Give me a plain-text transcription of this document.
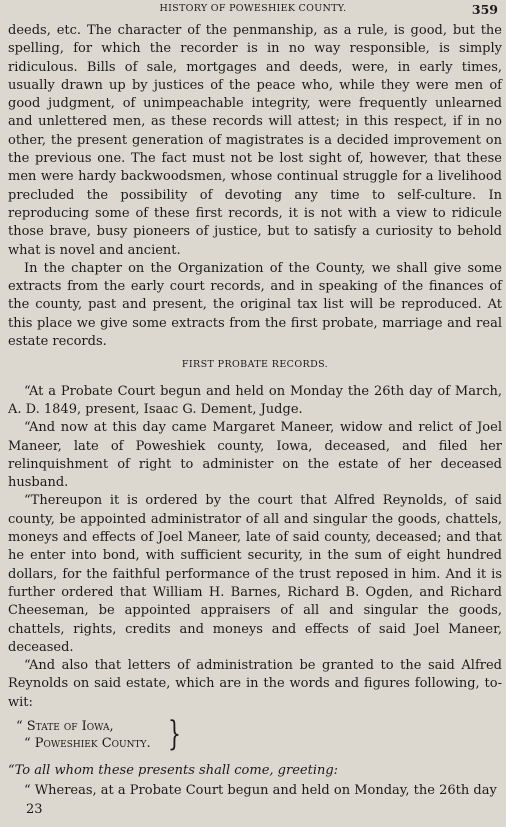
HISTORY OF POWESHIEK COUNTY.	359

deeds, etc. The character of the penmanship, as a rule, is good, but the spelling, for which the recorder is in no way responsible, is simply ridiculous. Bills of sale, mortgages and deeds, were, in early times, usually drawn up by justices of the peace who, while they were men of good judgment, of unimpeachable integrity, were frequently unlearned and unlettered men, as these records will attest; in this respect, if in no other, the present generation of magistrates is a decided improvement on the previous one. The fact must not be lost sight of, however, that these men were hardy backwoodsmen, whose continual struggle for a livelihood precluded the possibility of devoting any time to self-culture. In reproducing some of these first records, it is not with a view to ridicule those brave, busy pioneers of justice, but to satisfy a curiosity to behold what is novel and ancient.

In the chapter on the Organization of the County, we shall give some extracts from the early court records, and in speaking of the finances of the county, past and present, the original tax list will be reproduced. At this place we give some extracts from the first probate, marriage and real estate records.

FIRST PROBATE RECORDS.

“At a Probate Court begun and held on Monday the 26th day of March, A. D. 1849, present, Isaac G. Dement, Judge.

“And now at this day came Margaret Maneer, widow and relict of Joel Maneer, late of Poweshiek county, Iowa, deceased, and filed her relinquishment of right to administer on the estate of her deceased husband.

“Thereupon it is ordered by the court that Alfred Reynolds, of said county, be appointed administrator of all and singular the goods, chattels, moneys and effects of Joel Maneer, late of said county, deceased; and that he enter into bond, with sufficient security, in the sum of eight hundred dollars, for the faithful performance of the trust reposed in him. And it is further ordered that William H. Barnes, Richard B. Ogden, and Richard Cheeseman, be appointed appraisers of all and singular the goods, chattels, rights, credits and moneys and effects of said Joel Maneer, deceased.

“And also that letters of administration be granted to the said Alfred Reynolds on said estate, which are in the words and figures following, to-wit:

“ State of Iowa,
“ Poweshiek County. }

“To all whom these presents shall come, greeting:

“ Whereas, at a Probate Court begun and held on Monday, the 26th day

23
